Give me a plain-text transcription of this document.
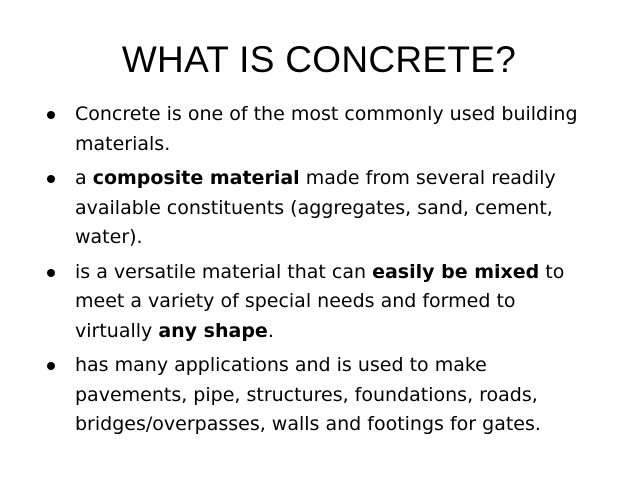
WHAT IS CONCRETE?
Concrete is one of the most commonly used building materials.
a composite material made from several readily available constituents (aggregates, sand, cement, water).
is a versatile material that can easily be mixed to meet a variety of special needs and formed to virtually any shape.
has many applications and is used to make pavements, pipe, structures, foundations, roads, bridges/overpasses, walls and footings for gates.
